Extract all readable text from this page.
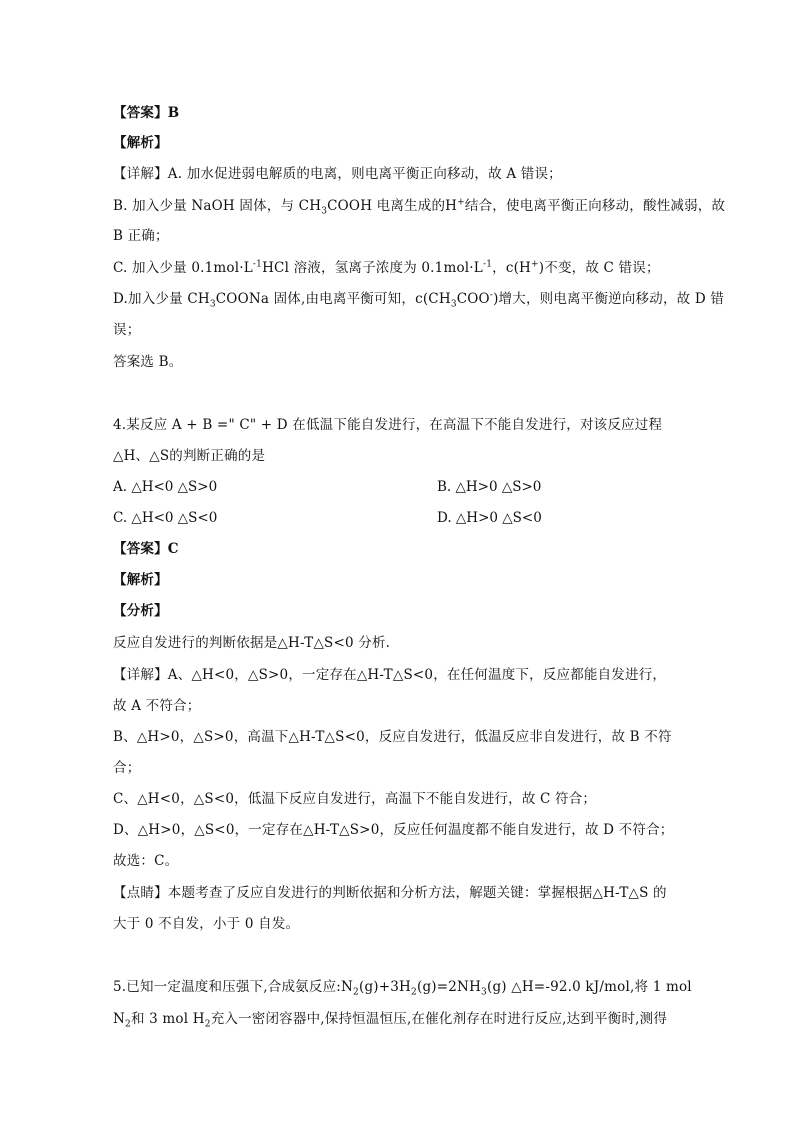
【答案】B
【解析】
【详解】A. 加水促进弱电解质的电离，则电离平衡正向移动，故 A 错误；
B. 加入少量 NaOH 固体，与 $CH_3COOH$ 电离生成的H+结合，使电离平衡正向移动，酸性减弱，故
B 正确；
C. 加入少量 $0.1mol\cdot L^{-1}HCl$ 溶液，氢离子浓度为 $0.1mol\cdot L^{-1}$，c(H+)不变，故 C 错误；
D.加入少量 $CH_3COONa$ 固体,由电离平衡可知，$c(CH_3COO^-)$增大，则电离平衡逆向移动，故 D 错
误；
答案选 B。
4.某反应 A + B =" C" + D 在低温下能自发进行，在高温下不能自发进行，对该反应过程
△H、△S的判断正确的是
A. △H<0 △S>0	B. △H>0 △S>0
C. △H<0 △S<0	D. △H>0 △S<0
【答案】C
【解析】
【分析】
反应自发进行的判断依据是△H-T△S<0 分析.
【详解】A、△H<0，△S>0，一定存在△H-T△S<0，在任何温度下，反应都能自发进行，
故 A 不符合；
B、△H>0，△S>0，高温下△H-T△S<0，反应自发进行，低温反应非自发进行，故 B 不符
合；
C、△H<0，△S<0，低温下反应自发进行，高温下不能自发进行，故 C 符合；
D、△H>0，△S<0，一定存在△H-T△S>0，反应任何温度都不能自发进行，故 D 不符合；
故选：C。
【点睛】本题考查了反应自发进行的判断依据和分析方法，解题关键：掌握根据△H-T△S 的
大于 0 不自发，小于 0 自发。
5.已知一定温度和压强下,合成氨反应$:N_2(g)+3H_2(g)=2NH_3(g)$ △H=-92.0 kJ/mol,将 1 mol
$N_2$和 3 mol $H_2$充入一密闭容器中,保持恒温恒压,在催化剂存在时进行反应,达到平衡时,测得
